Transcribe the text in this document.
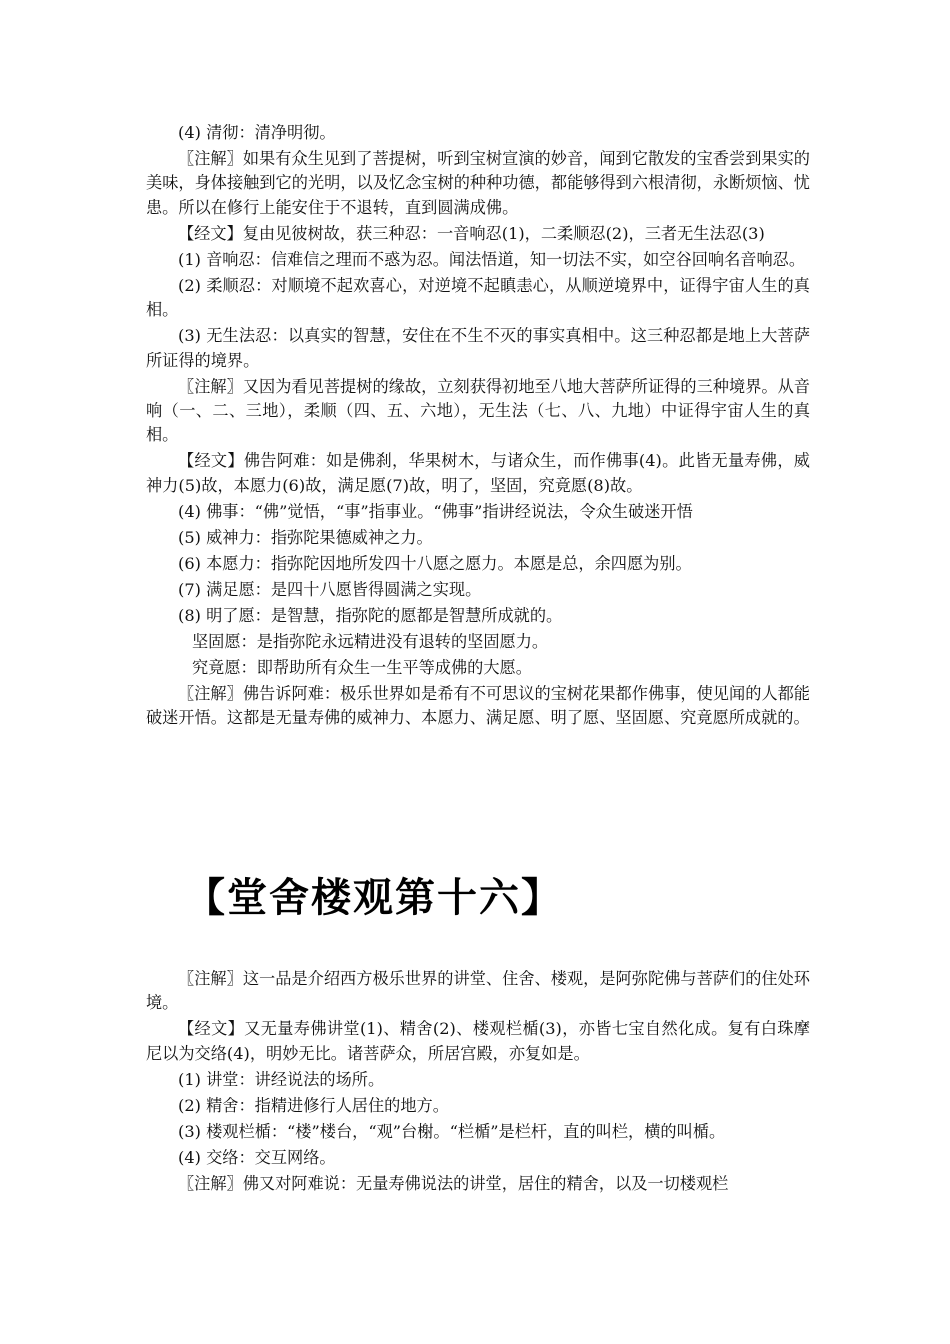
(4) 清彻：清净明彻。

〖注解〗如果有众生见到了菩提树，听到宝树宣演的妙音，闻到它散发的宝香尝到果实的美味，身体接触到它的光明，以及忆念宝树的种种功德，都能够得到六根清彻，永断烦恼、忧患。所以在修行上能安住于不退转，直到圆满成佛。

【经文】复由见彼树故，获三种忍：一音响忍(1)，二柔顺忍(2)，三者无生法忍(3)

(1) 音响忍：信难信之理而不惑为忍。闻法悟道，知一切法不实，如空谷回响名音响忍。

(2) 柔顺忍：对顺境不起欢喜心，对逆境不起瞋恚心，从顺逆境界中，证得宇宙人生的真相。

(3) 无生法忍：以真实的智慧，安住在不生不灭的事实真相中。这三种忍都是地上大菩萨所证得的境界。

〖注解〗又因为看见菩提树的缘故，立刻获得初地至八地大菩萨所证得的三种境界。从音响（一、二、三地），柔顺（四、五、六地），无生法（七、八、九地）中证得宇宙人生的真相。

【经文】佛告阿难：如是佛刹，华果树木，与诸众生，而作佛事(4)。此皆无量寿佛，威神力(5)故，本愿力(6)故，满足愿(7)故，明了，坚固，究竟愿(8)故。

(4) 佛事：“佛”觉悟，“事”指事业。“佛事”指讲经说法，令众生破迷开悟

(5) 威神力：指弥陀果德威神之力。

(6) 本愿力：指弥陀因地所发四十八愿之愿力。本愿是总，余四愿为别。

(7) 满足愿：是四十八愿皆得圆满之实现。

(8) 明了愿：是智慧，指弥陀的愿都是智慧所成就的。

坚固愿：是指弥陀永远精进没有退转的坚固愿力。

究竟愿：即帮助所有众生一生平等成佛的大愿。

〖注解〗佛告诉阿难：极乐世界如是希有不可思议的宝树花果都作佛事，使见闻的人都能破迷开悟。这都是无量寿佛的威神力、本愿力、满足愿、明了愿、坚固愿、究竟愿所成就的。

【堂舍楼观第十六】

〖注解〗这一品是介绍西方极乐世界的讲堂、住舍、楼观，是阿弥陀佛与菩萨们的住处环境。

【经文】又无量寿佛讲堂(1)、精舍(2)、楼观栏楯(3)，亦皆七宝自然化成。复有白珠摩尼以为交络(4)，明妙无比。诸菩萨众，所居宫殿，亦复如是。

(1) 讲堂：讲经说法的场所。

(2) 精舍：指精进修行人居住的地方。

(3) 楼观栏楯：“楼”楼台，“观”台榭。“栏楯”是栏杆，直的叫栏，横的叫楯。

(4) 交络：交互网络。

〖注解〗佛又对阿难说：无量寿佛说法的讲堂，居住的精舍，以及一切楼观栏
